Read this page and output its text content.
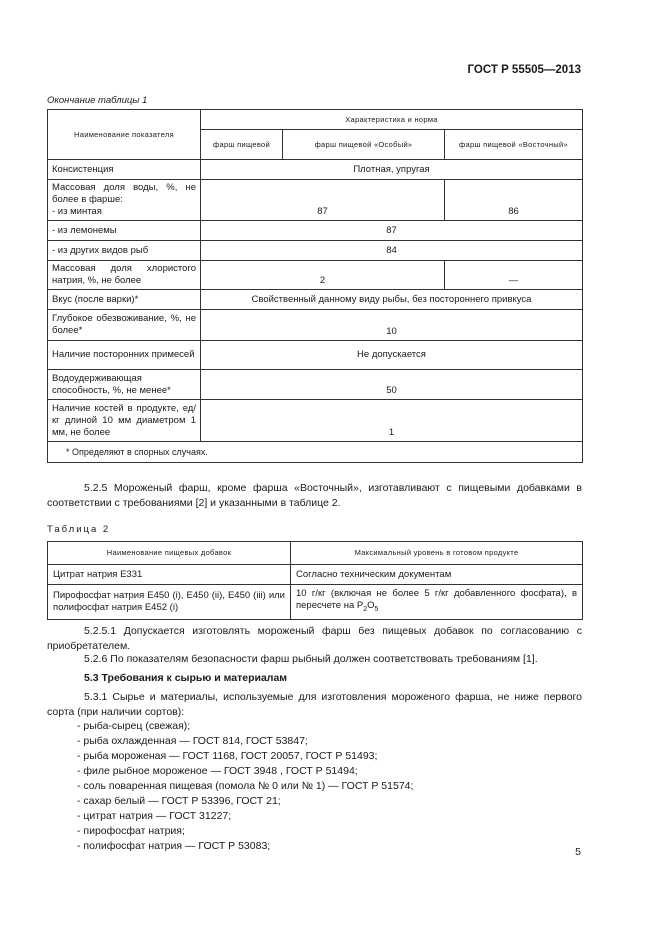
ГОСТ Р 55505—2013
Окончание таблицы 1
Наименование показателя	Характеристика и норма		
	фарш пищевой	фарш пищевой «Особый»	фарш пищевой «Восточный»
Консистенция	Плотная, упругая		
Массовая доля воды, %, не более в фарше:
- из минтая	87		86
- из лемонемы	87		
- из других видов рыб	84		
Массовая доля хлористого натрия, %, не более	2		—
Вкус (после варки)*	Свойственный данному виду рыбы, без постороннего привкуса		
Глубокое обезвоживание, %, не более*	10		
Наличие посторонних примесей	Не допускается		
Водоудерживающая способность, %, не менее*	50		
Наличие костей в продукте, ед/кг длиной 10 мм диаметром 1 мм, не более	1		
* Определяют в спорных случаях.			
5.2.5 Мороженый фарш, кроме фарша «Восточный», изготавливают с пищевыми добавками в соответствии с требованиями [2] и указанными в таблице 2.
Таблица 2
Наименование пищевых добавок	Максимальный уровень в готовом продукте
Цитрат натрия Е331	Согласно техническим документам
Пирофосфат натрия Е450 (i), Е450 (ii), Е450 (iii) или полифосфат натрия Е452 (i)	10 г/кг (включая не более 5 г/кг добавленного фосфата), в пересчете на $P_2O_5$
5.2.5.1 Допускается изготовлять мороженый фарш без пищевых добавок по согласованию с приобретателем.
5.2.6 По показателям безопасности фарш рыбный должен соответствовать требованиям [1].
5.3 Требования к сырью и материалам
5.3.1 Сырье и материалы, используемые для изготовления мороженого фарша, не ниже первого сорта (при наличии сортов):
- рыба-сырец (свежая);
- рыба охлажденная — ГОСТ 814, ГОСТ 53847;
- рыба мороженая — ГОСТ 1168, ГОСТ 20057, ГОСТ Р 51493;
- филе рыбное мороженое — ГОСТ 3948 , ГОСТ Р 51494;
- соль поваренная пищевая (помола № 0 или № 1) — ГОСТ Р 51574;
- сахар белый — ГОСТ Р 53396, ГОСТ 21;
- цитрат натрия — ГОСТ 31227;
- пирофосфат натрия;
- полифосфат натрия — ГОСТ Р 53083;	5
